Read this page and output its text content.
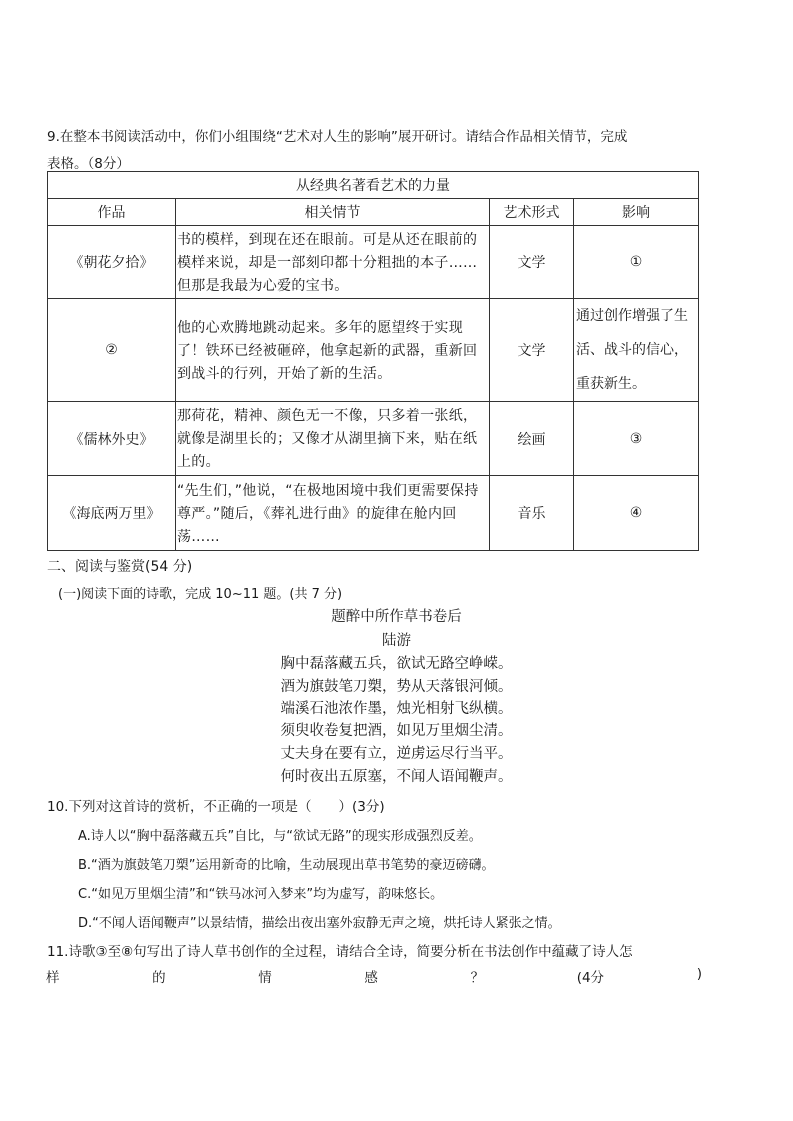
9.在整本书阅读活动中，你们小组围绕“艺术对人生的影响”展开研讨。请结合作品相关情节，完成
表格。（8分）
从经典名著看艺术的力量			
作品	相关情节	艺术形式	影响
《朝花夕拾》	书的模样，到现在还在眼前。可是从还在眼前的模样来说，却是一部刻印都十分粗拙的本子……但那是我最为心爱的宝书。	文学	①
②	他的心欢腾地跳动起来。多年的愿望终于实现了！铁环已经被砸碎，他拿起新的武器，重新回到战斗的行列，开始了新的生活。	文学	通过创作增强了生活、战斗的信心，重获新生。
《儒林外史》	那荷花，精神、颜色无一不像，只多着一张纸，就像是湖里长的；又像才从湖里摘下来，贴在纸上的。	绘画	③
《海底两万里》	“先生们，”他说，“在极地困境中我们更需要保持尊严。”随后，《葬礼进行曲》的旋律在舱内回荡……	音乐	④
二、阅读与鉴赏(54 分)
(一)阅读下面的诗歌，完成 10~11 题。(共 7 分)
题醉中所作草书卷后
陆游
胸中磊落藏五兵，欲试无路空峥嵘。
酒为旗鼓笔刀槊，势从天落银河倾。
端溪石池浓作墨，烛光相射飞纵横。
须臾收卷复把酒，如见万里烟尘清。
丈夫身在要有立，逆虏运尽行当平。
何时夜出五原塞，不闻人语闻鞭声。
10.下列对这首诗的赏析，不正确的一项是（　　）(3分)
A.诗人以“胸中磊落藏五兵”自比，与“欲试无路”的现实形成强烈反差。
B.“酒为旗鼓笔刀槊”运用新奇的比喻，生动展现出草书笔势的豪迈磅礴。
C.“如见万里烟尘清”和“铁马冰河入梦来”均为虚写，韵味悠长。
D.“不闻人语闻鞭声”以景结情，描绘出夜出塞外寂静无声之境，烘托诗人紧张之情。
11.诗歌③至⑧句写出了诗人草书创作的全过程，请结合全诗，简要分析在书法创作中蕴藏了诗人怎
样	的	情	感	？	(4分	)
